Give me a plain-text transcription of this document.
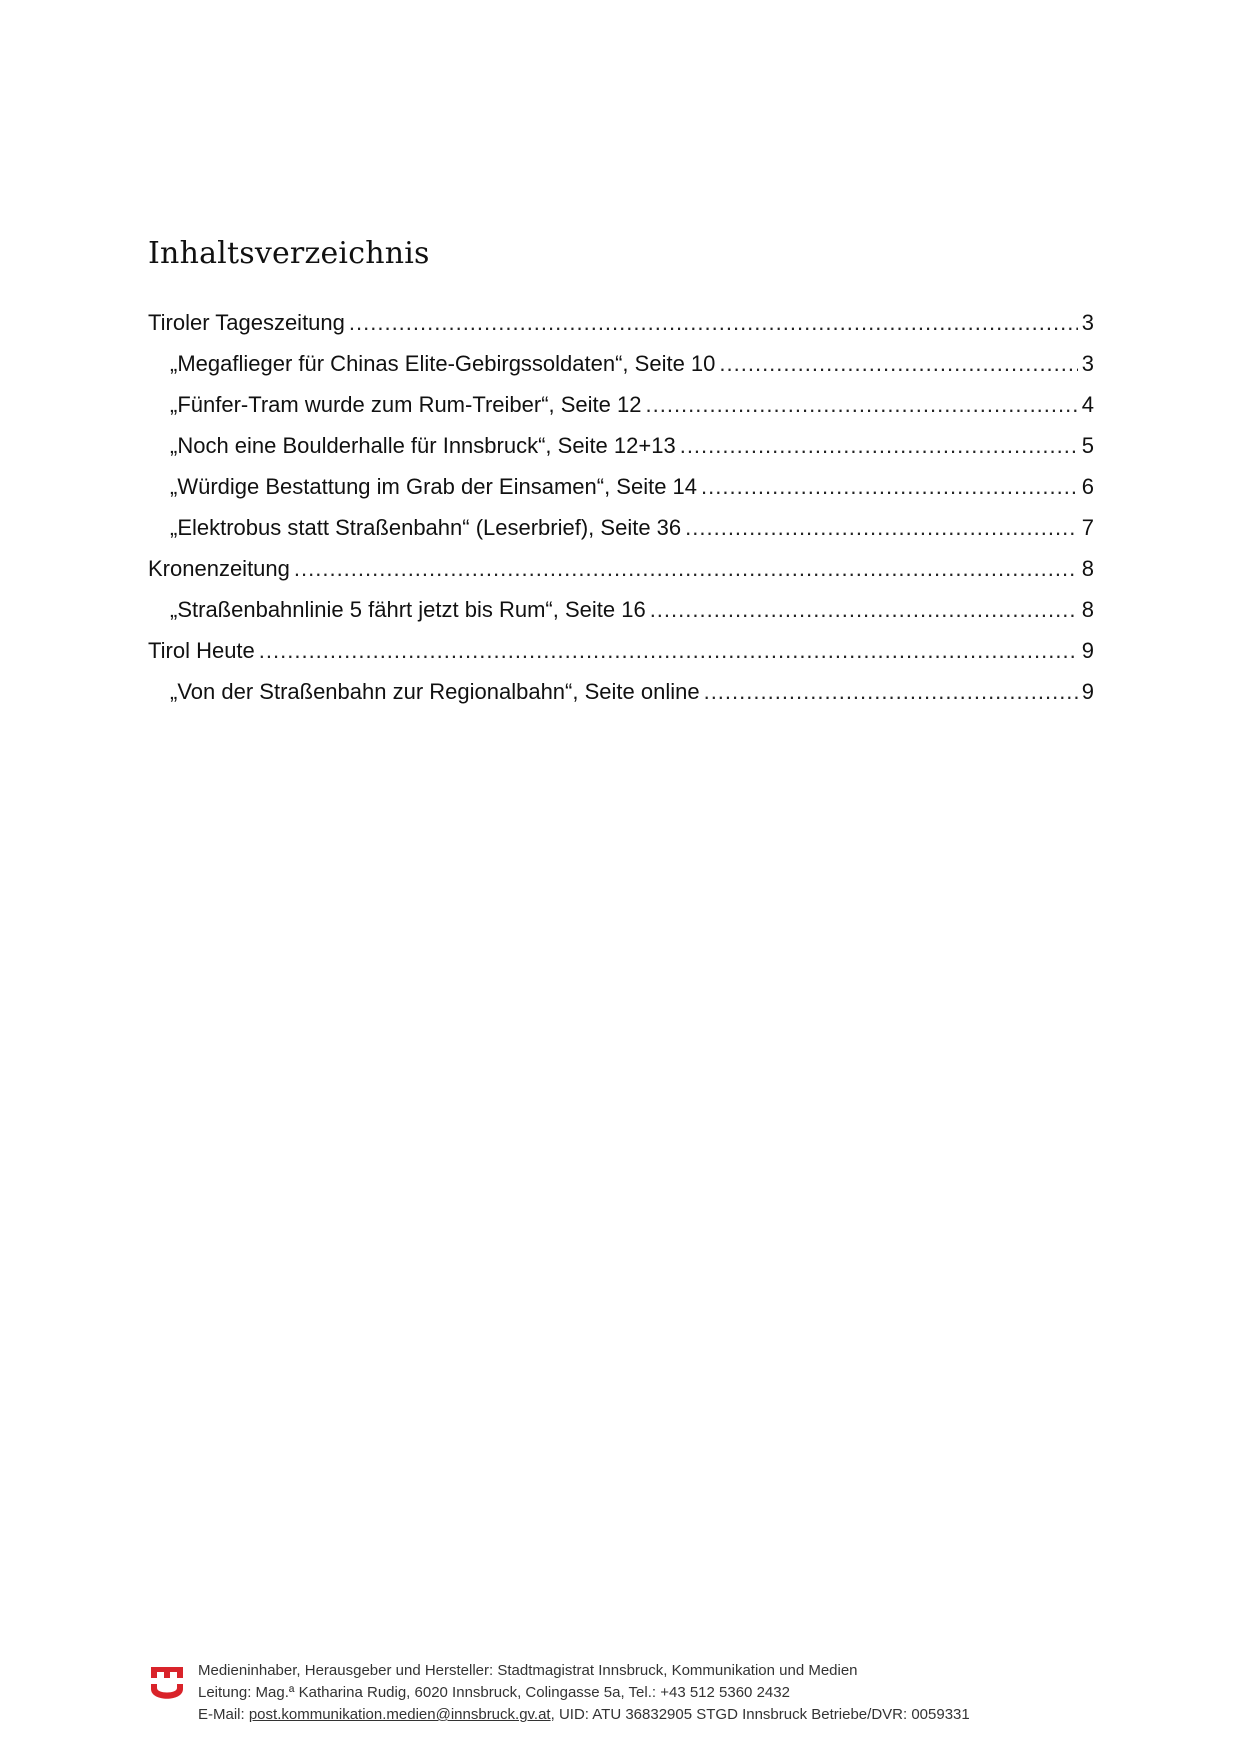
Inhaltsverzeichnis
Tiroler Tageszeitung .....	3
„Megaflieger für Chinas Elite-Gebirgssoldaten“, Seite 10 .....	3
„Fünfer-Tram wurde zum Rum-Treiber“, Seite 12 .....	4
„Noch eine Boulderhalle für Innsbruck“, Seite 12+13 .....	5
„Würdige Bestattung im Grab der Einsamen“, Seite 14 .....	6
„Elektrobus statt Straßenbahn“ (Leserbrief), Seite 36 .....	7
Kronenzeitung .....	8
„Straßenbahnlinie 5 fährt jetzt bis Rum“, Seite 16 .....	8
Tirol Heute .....	9
„Von der Straßenbahn zur Regionalbahn“, Seite online .....	9
Medieninhaber, Herausgeber und Hersteller: Stadtmagistrat Innsbruck, Kommunikation und Medien
Leitung: Mag.ª Katharina Rudig, 6020 Innsbruck, Colingasse 5a, Tel.: +43 512 5360 2432
E-Mail: post.kommunikation.medien@innsbruck.gv.at, UID: ATU 36832905 STGD Innsbruck Betriebe/DVR: 0059331
